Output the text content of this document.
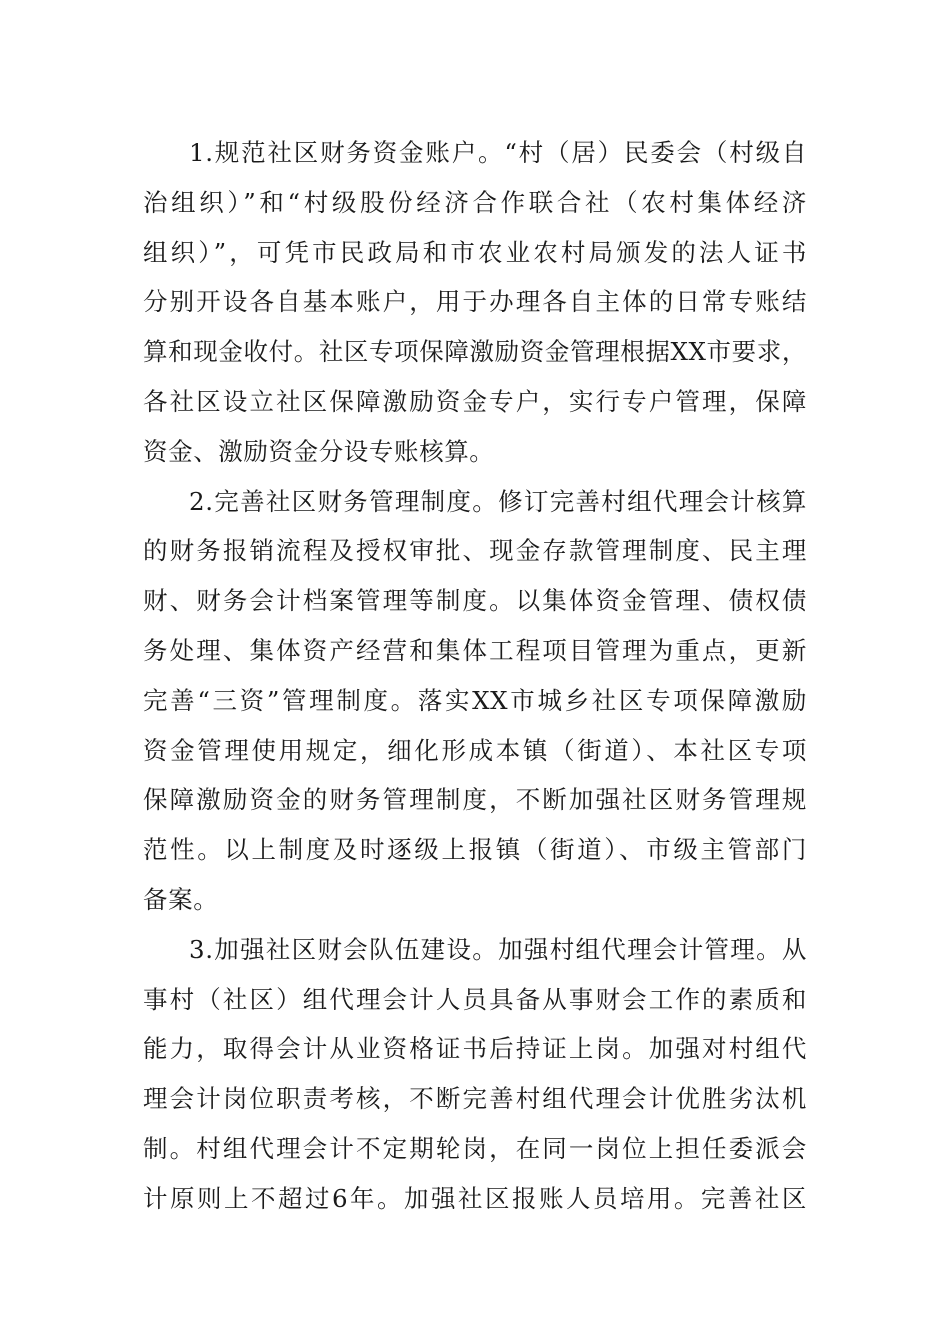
1.规范社区财务资金账户。“村（居）民委会（村级自
治组织）”和“村级股份经济合作联合社（农村集体经济
组织）”，可凭市民政局和市农业农村局颁发的法人证书
分别开设各自基本账户，用于办理各自主体的日常专账结
算和现金收付。社区专项保障激励资金管理根据XX市要求，
各社区设立社区保障激励资金专户，实行专户管理，保障
资金、激励资金分设专账核算。

2.完善社区财务管理制度。修订完善村组代理会计核算
的财务报销流程及授权审批、现金存款管理制度、民主理
财、财务会计档案管理等制度。以集体资金管理、债权债
务处理、集体资产经营和集体工程项目管理为重点，更新
完善“三资”管理制度。落实XX市城乡社区专项保障激励
资金管理使用规定，细化形成本镇（街道）、本社区专项
保障激励资金的财务管理制度，不断加强社区财务管理规
范性。以上制度及时逐级上报镇（街道）、市级主管部门
备案。

3.加强社区财会队伍建设。加强村组代理会计管理。从
事村（社区）组代理会计人员具备从事财会工作的素质和
能力，取得会计从业资格证书后持证上岗。加强对村组代
理会计岗位职责考核，不断完善村组代理会计优胜劣汰机
制。村组代理会计不定期轮岗，在同一岗位上担任委派会
计原则上不超过6年。加强社区报账人员培用。完善社区
